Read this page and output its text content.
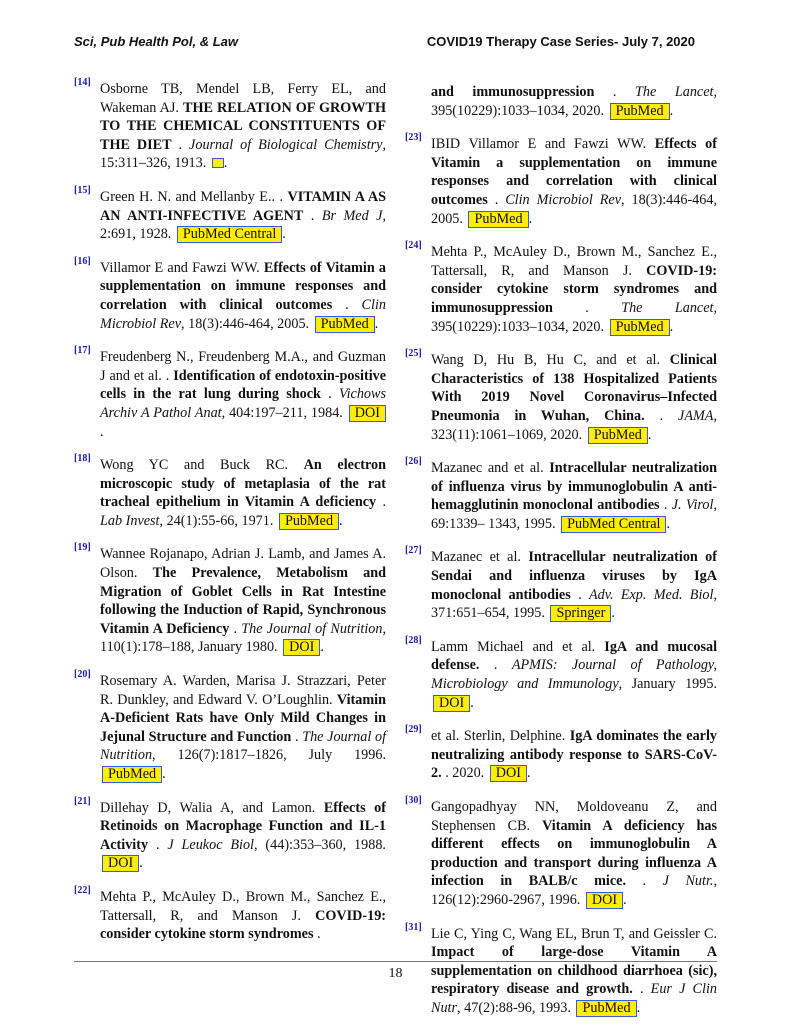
Sci, Pub Health Pol, & Law	COVID19 Therapy Case Series- July 7, 2020
[14] Osborne TB, Mendel LB, Ferry EL, and Wakeman AJ. THE RELATION OF GROWTH TO THE CHEMICAL CONSTITUENTS OF THE DIET . Journal of Biological Chemistry, 15:311–326, 1913. .
[15] Green H. N. and Mellanby E.. . VITAMIN A AS AN ANTI-INFECTIVE AGENT . Br Med J, 2:691, 1928. PubMed Central .
[16] Villamor E and Fawzi WW. Effects of Vitamin a supplementation on immune responses and correlation with clinical outcomes . Clin Microbiol Rev, 18(3):446-464, 2005. PubMed .
[17] Freudenberg N., Freudenberg M.A., and Guzman J and et al. . Identification of endotoxin-positive cells in the rat lung during shock . Vichows Archiv A Pathol Anat, 404:197–211, 1984. DOI.
[18] Wong YC and Buck RC. An electron microscopic study of metaplasia of the rat tracheal epithelium in Vitamin A deficiency . Lab Invest, 24(1):55-66, 1971. PubMed .
[19] Wannee Rojanapo, Adrian J. Lamb, and James A. Olson. The Prevalence, Metabolism and Migration of Goblet Cells in Rat Intestine following the Induction of Rapid, Synchronous Vitamin A Deficiency . The Journal of Nutrition, 110(1):178–188, January 1980. DOI .
[20] Rosemary A. Warden, Marisa J. Strazzari, Peter R. Dunkley, and Edward V. O’Loughlin. Vitamin A-Deficient Rats have Only Mild Changes in Jejunal Structure and Function . The Journal of Nutrition, 126(7):1817–1826, July 1996. PubMed .
[21] Dillehay D, Walia A, and Lamon. Effects of Retinoids on Macrophage Function and IL-1 Activity . J Leukoc Biol, (44):353–360, 1988. DOI .
[22] Mehta P., McAuley D., Brown M., Sanchez E., Tattersall, R, and Manson J. COVID-19: consider cytokine storm syndromes .
and immunosuppression . The Lancet, 395(10229):1033–1034, 2020. PubMed .
[23] IBID Villamor E and Fawzi WW. Effects of Vitamin a supplementation on immune responses and correlation with clinical outcomes . Clin Microbiol Rev, 18(3):446-464, 2005. PubMed .
[24] Mehta P., McAuley D., Brown M., Sanchez E., Tattersall, R, and Manson J. COVID-19: consider cytokine storm syndromes and immunosuppression . The Lancet, 395(10229):1033–1034, 2020. PubMed .
[25] Wang D, Hu B, Hu C, and et al. Clinical Characteristics of 138 Hospitalized Patients With 2019 Novel Coronavirus–Infected Pneumonia in Wuhan, China. . JAMA, 323(11):1061–1069, 2020. PubMed .
[26] Mazanec and et al. Intracellular neutralization of influenza virus by immunoglobulin A anti-hemagglutinin monoclonal antibodies . J. Virol, 69:1339– 1343, 1995. PubMed Central .
[27] Mazanec et al. Intracellular neutralization of Sendai and influenza viruses by IgA monoclonal antibodies . Adv. Exp. Med. Biol, 371:651–654, 1995. Springer .
[28] Lamm Michael and et al. IgA and mucosal defense. . APMIS: Journal of Pathology, Microbiology and Immunology, January 1995. DOI .
[29] et al. Sterlin, Delphine. IgA dominates the early neutralizing antibody response to SARS-CoV-2. . 2020. DOI .
[30] Gangopadhyay NN, Moldoveanu Z, and Stephensen CB. Vitamin A deficiency has different effects on immunoglobulin A production and transport during influenza A infection in BALB/c mice. . J Nutr., 126(12):2960-2967, 1996. DOI .
[31] Lie C, Ying C, Wang EL, Brun T, and Geissler C. Impact of large-dose Vitamin A supplementation on childhood diarrhoea (sic), respiratory disease and growth. . Eur J Clin Nutr, 47(2):88-96, 1993. PubMed .
18
